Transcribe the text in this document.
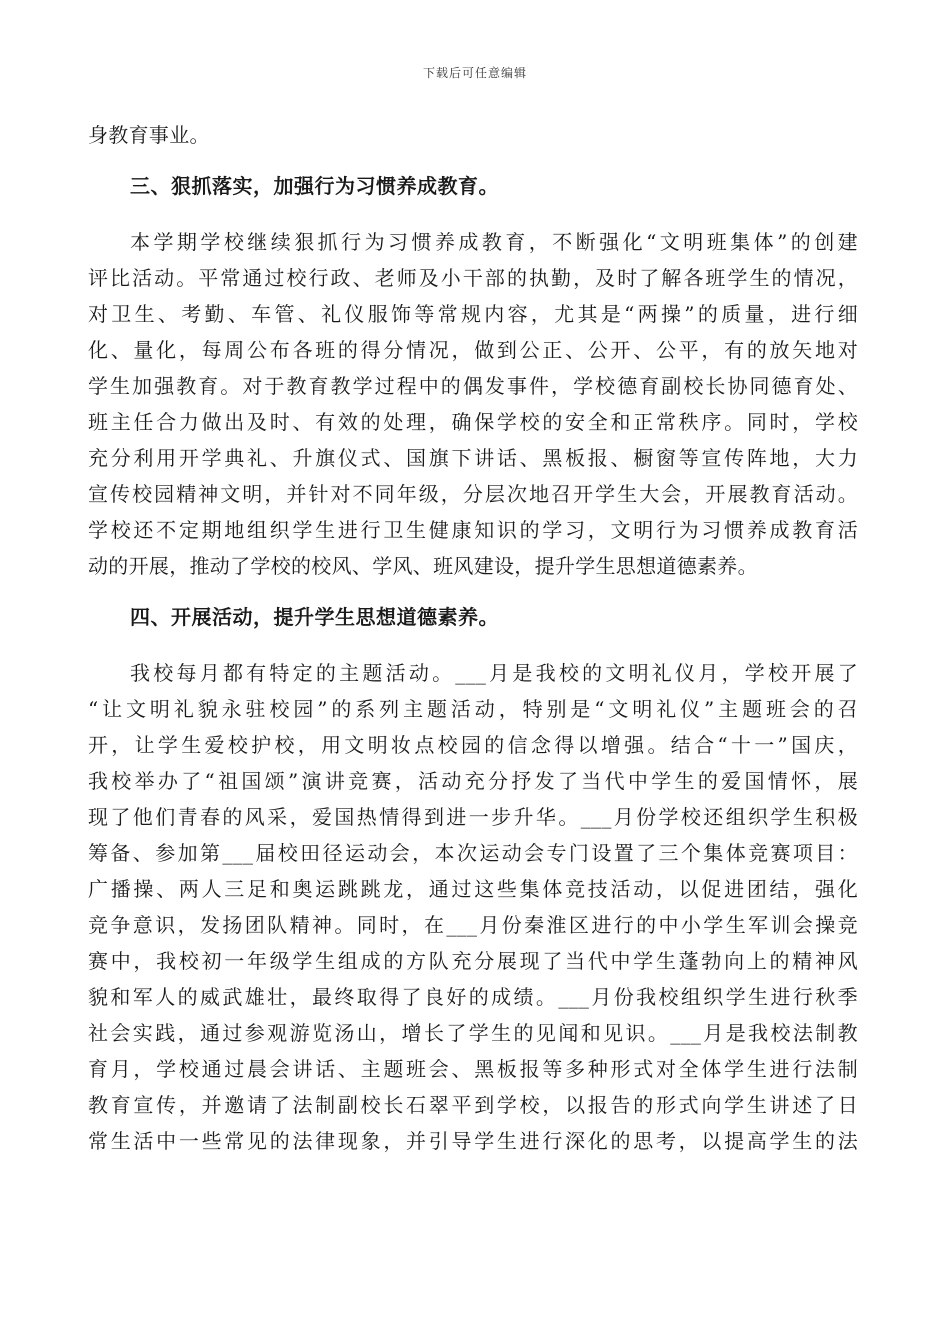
下载后可任意编辑
身教育事业。
三、狠抓落实，加强行为习惯养成教育。
本学期学校继续狠抓行为习惯养成教育，不断强化“文明班集体”的创建
评比活动。平常通过校行政、老师及小干部的执勤，及时了解各班学生的情况，
对卫生、考勤、车管、礼仪服饰等常规内容，尤其是“两操”的质量，进行细
化、量化，每周公布各班的得分情况，做到公正、公开、公平，有的放矢地对
学生加强教育。对于教育教学过程中的偶发事件，学校德育副校长协同德育处、
班主任合力做出及时、有效的处理，确保学校的安全和正常秩序。同时，学校
充分利用开学典礼、升旗仪式、国旗下讲话、黑板报、橱窗等宣传阵地，大力
宣传校园精神文明，并针对不同年级，分层次地召开学生大会，开展教育活动。
学校还不定期地组织学生进行卫生健康知识的学习，文明行为习惯养成教育活
动的开展，推动了学校的校风、学风、班风建设，提升学生思想道德素养。
四、开展活动，提升学生思想道德素养。
我校每月都有特定的主题活动。___月是我校的文明礼仪月，学校开展了
“让文明礼貌永驻校园”的系列主题活动，特别是“文明礼仪”主题班会的召
开，让学生爱校护校，用文明妆点校园的信念得以增强。结合“十一”国庆，
我校举办了“祖国颂”演讲竞赛，活动充分抒发了当代中学生的爱国情怀，展
现了他们青春的风采，爱国热情得到进一步升华。___月份学校还组织学生积极
筹备、参加第___届校田径运动会，本次运动会专门设置了三个集体竞赛项目：
广播操、两人三足和奥运跳跳龙，通过这些集体竞技活动，以促进团结，强化
竞争意识，发扬团队精神。同时，在___月份秦淮区进行的中小学生军训会操竞
赛中，我校初一年级学生组成的方队充分展现了当代中学生蓬勃向上的精神风
貌和军人的威武雄壮，最终取得了良好的成绩。___月份我校组织学生进行秋季
社会实践，通过参观游览汤山，增长了学生的见闻和见识。___月是我校法制教
育月，学校通过晨会讲话、主题班会、黑板报等多种形式对全体学生进行法制
教育宣传，并邀请了法制副校长石翠平到学校，以报告的形式向学生讲述了日
常生活中一些常见的法律现象，并引导学生进行深化的思考，以提高学生的法
